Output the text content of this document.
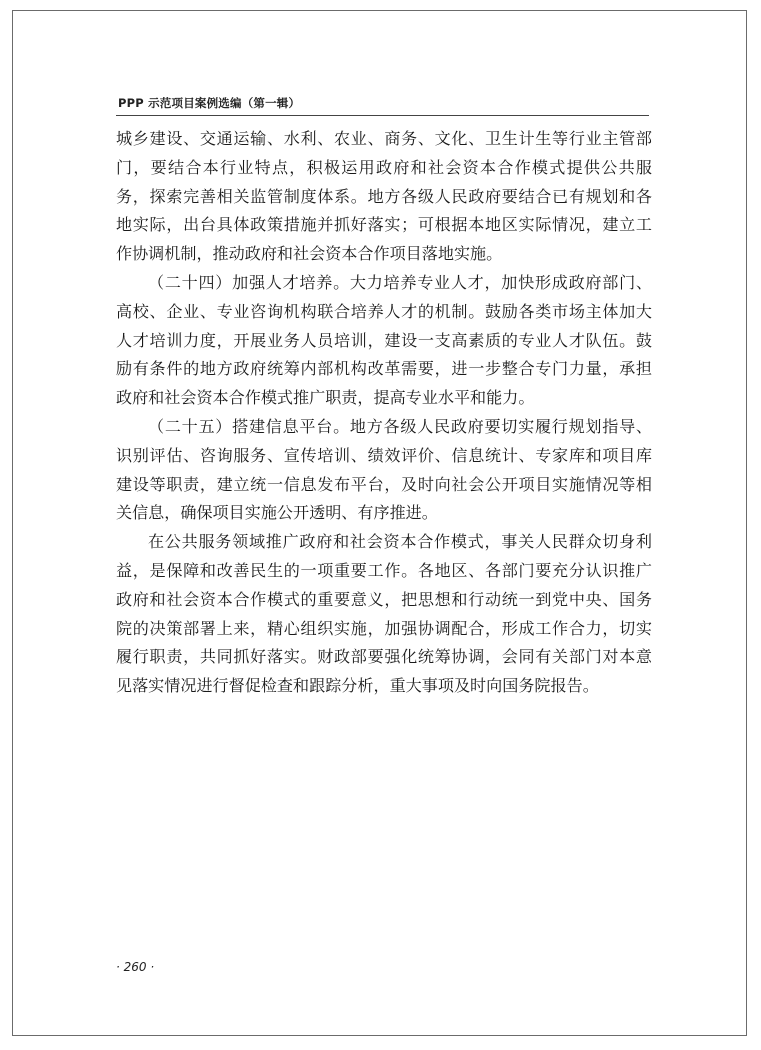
PPP 示范项目案例选编（第一辑）

城乡建设、交通运输、水利、农业、商务、文化、卫生计生等行业主管部
门，要结合本行业特点，积极运用政府和社会资本合作模式提供公共服
务，探索完善相关监管制度体系。地方各级人民政府要结合已有规划和各
地实际，出台具体政策措施并抓好落实；可根据本地区实际情况，建立工
作协调机制，推动政府和社会资本合作项目落地实施。

（二十四）加强人才培养。大力培养专业人才，加快形成政府部门、
高校、企业、专业咨询机构联合培养人才的机制。鼓励各类市场主体加大
人才培训力度，开展业务人员培训，建设一支高素质的专业人才队伍。鼓
励有条件的地方政府统筹内部机构改革需要，进一步整合专门力量，承担
政府和社会资本合作模式推广职责，提高专业水平和能力。

（二十五）搭建信息平台。地方各级人民政府要切实履行规划指导、
识别评估、咨询服务、宣传培训、绩效评价、信息统计、专家库和项目库
建设等职责，建立统一信息发布平台，及时向社会公开项目实施情况等相
关信息，确保项目实施公开透明、有序推进。

在公共服务领域推广政府和社会资本合作模式，事关人民群众切身利
益，是保障和改善民生的一项重要工作。各地区、各部门要充分认识推广
政府和社会资本合作模式的重要意义，把思想和行动统一到党中央、国务
院的决策部署上来，精心组织实施，加强协调配合，形成工作合力，切实
履行职责，共同抓好落实。财政部要强化统筹协调，会同有关部门对本意
见落实情况进行督促检查和跟踪分析，重大事项及时向国务院报告。

· 260 ·
